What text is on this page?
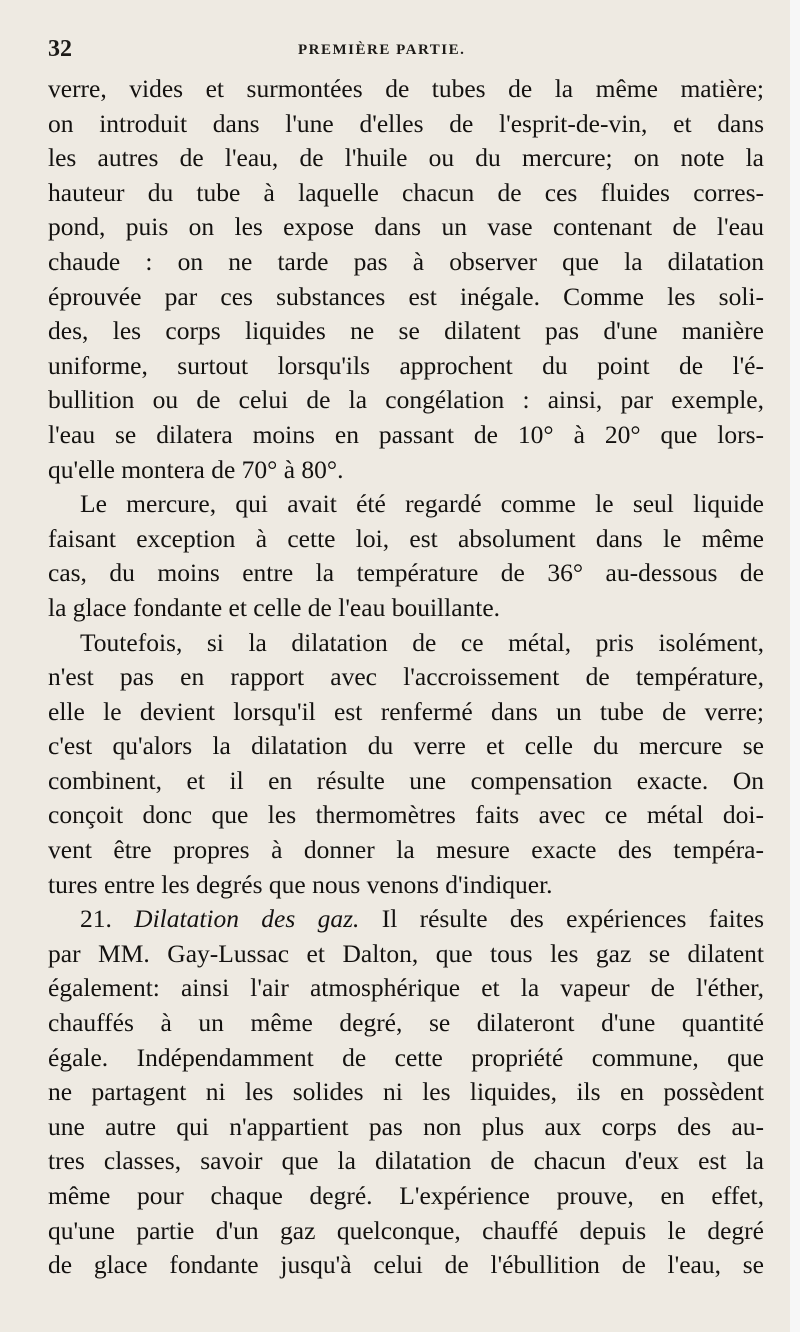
32	PREMIÈRE PARTIE.
verre, vides et surmontées de tubes de la même matière;
on introduit dans l'une d'elles de l'esprit-de-vin, et dans
les autres de l'eau, de l'huile ou du mercure; on note la
hauteur du tube à laquelle chacun de ces fluides corres-
pond, puis on les expose dans un vase contenant de l'eau
chaude : on ne tarde pas à observer que la dilatation
éprouvée par ces substances est inégale. Comme les soli-
des, les corps liquides ne se dilatent pas d'une manière
uniforme, surtout lorsqu'ils approchent du point de l'é-
bullition ou de celui de la congélation : ainsi, par exemple,
l'eau se dilatera moins en passant de 10° à 20° que lors-
qu'elle montera de 70° à 80°.
Le mercure, qui avait été regardé comme le seul liquide
faisant exception à cette loi, est absolument dans le même
cas, du moins entre la température de 36° au-dessous de
la glace fondante et celle de l'eau bouillante.
Toutefois, si la dilatation de ce métal, pris isolément,
n'est pas en rapport avec l'accroissement de température,
elle le devient lorsqu'il est renfermé dans un tube de verre;
c'est qu'alors la dilatation du verre et celle du mercure se
combinent, et il en résulte une compensation exacte. On
conçoit donc que les thermomètres faits avec ce métal doi-
vent être propres à donner la mesure exacte des tempéra-
tures entre les degrés que nous venons d'indiquer.
21. Dilatation des gaz. Il résulte des expériences faites
par MM. Gay-Lussac et Dalton, que tous les gaz se dilatent
également: ainsi l'air atmosphérique et la vapeur de l'éther,
chauffés à un même degré, se dilateront d'une quantité
égale. Indépendamment de cette propriété commune, que
ne partagent ni les solides ni les liquides, ils en possèdent
une autre qui n'appartient pas non plus aux corps des au-
tres classes, savoir que la dilatation de chacun d'eux est la
même pour chaque degré. L'expérience prouve, en effet,
qu'une partie d'un gaz quelconque, chauffé depuis le degré
de glace fondante jusqu'à celui de l'ébullition de l'eau, se
